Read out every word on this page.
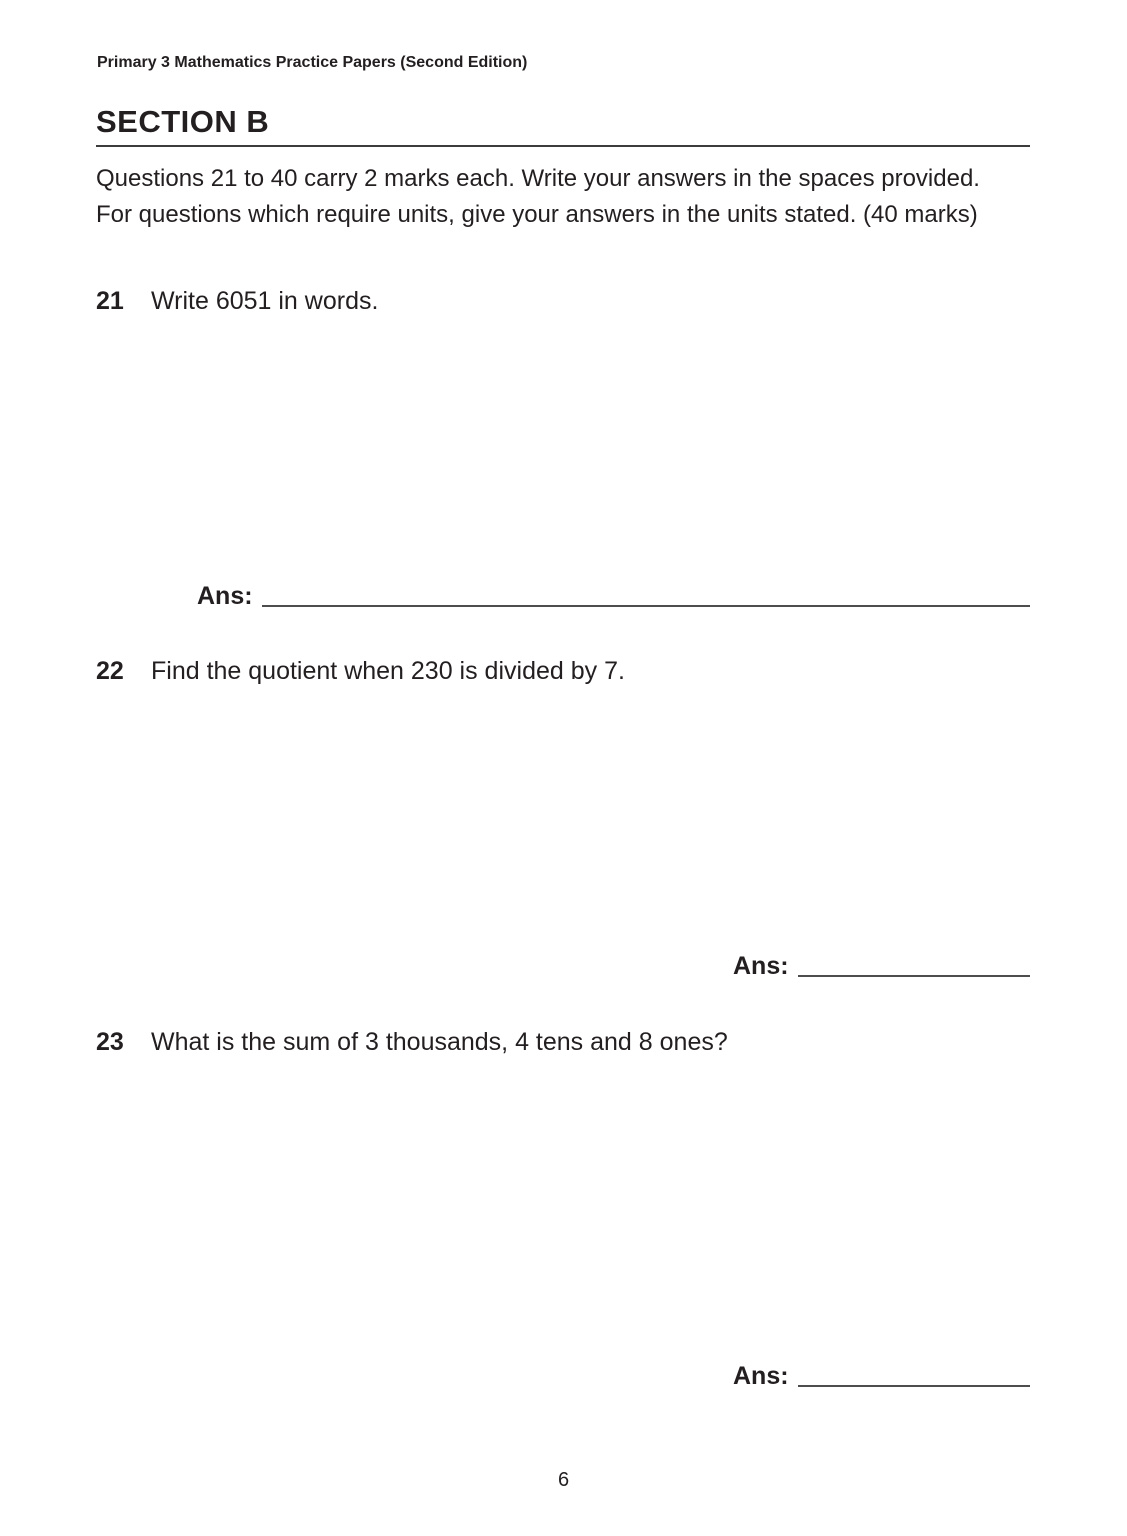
Primary 3 Mathematics Practice Papers (Second Edition)
SECTION B
Questions 21 to 40 carry 2 marks each. Write your answers in the spaces provided.
For questions which require units, give your answers in the units stated. (40 marks)
21	Write 6051 in words.
Ans:
22	Find the quotient when 230 is divided by 7.
Ans:
23	What is the sum of 3 thousands, 4 tens and 8 ones?
Ans:
6
